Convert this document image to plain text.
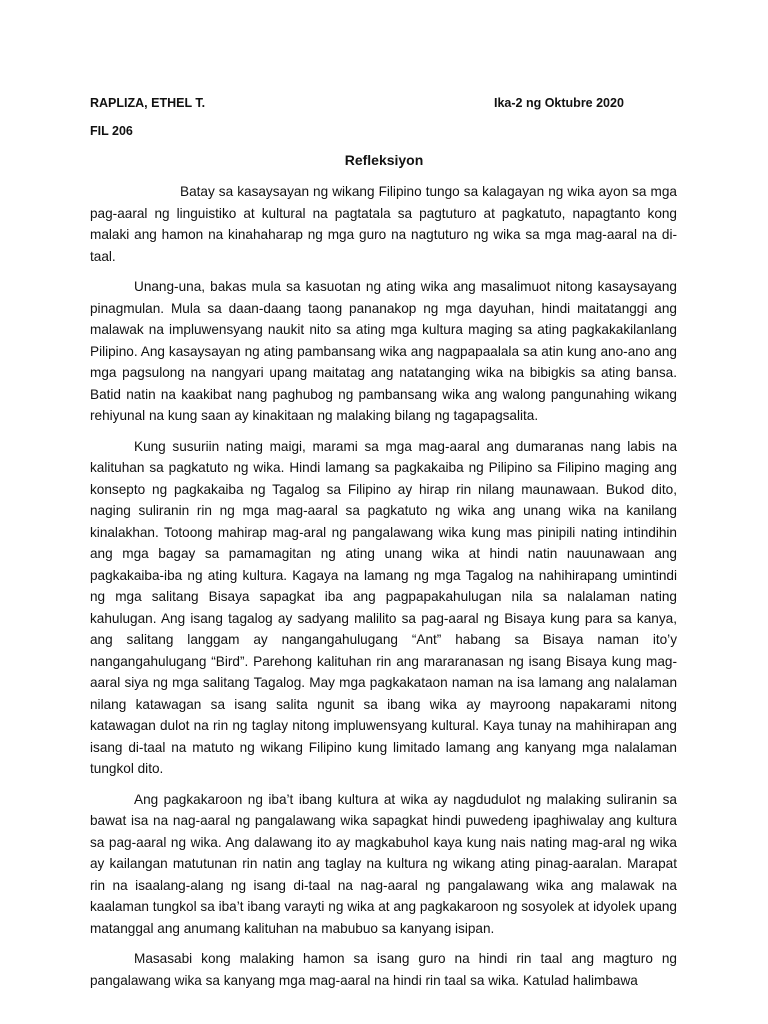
RAPLIZA, ETHEL T.	Ika-2 ng Oktubre 2020
FIL 206
Refleksiyon

Batay sa kasaysayan ng wikang Filipino tungo sa kalagayan ng wika ayon sa mga pag-aaral ng linguistiko at kultural na pagtatala sa pagtuturo at pagkatuto, napagtanto kong malaki ang hamon na kinahaharap ng mga guro na nagtuturo ng wika sa mga mag-aaral na di-taal.

Unang-una, bakas mula sa kasuotan ng ating wika ang masalimuot nitong kasaysayang pinagmulan. Mula sa daan-daang taong pananakop ng mga dayuhan, hindi maitatanggi ang malawak na impluwensyang naukit nito sa ating mga kultura maging sa ating pagkakakilanlang Pilipino. Ang kasaysayan ng ating pambansang wika ang nagpapaalala sa atin kung ano-ano ang mga pagsulong na nangyari upang maitatag ang natatanging wika na bibigkis sa ating bansa. Batid natin na kaakibat nang paghubog ng pambansang wika ang walong pangunahing wikang rehiyunal na kung saan ay kinakitaan ng malaking bilang ng tagapagsalita.

Kung susuriin nating maigi, marami sa mga mag-aaral ang dumaranas nang labis na kalituhan sa pagkatuto ng wika. Hindi lamang sa pagkakaiba ng Pilipino sa Filipino maging ang konsepto ng pagkakaiba ng Tagalog sa Filipino ay hirap rin nilang maunawaan. Bukod dito, naging suliranin rin ng mga mag-aaral sa pagkatuto ng wika ang unang wika na kanilang kinalakhan. Totoong mahirap mag-aral ng pangalawang wika kung mas pinipili nating intindihin ang mga bagay sa pamamagitan ng ating unang wika at hindi natin nauunawaan ang pagkakaiba-iba ng ating kultura. Kagaya na lamang ng mga Tagalog na nahihirapang umintindi ng mga salitang Bisaya sapagkat iba ang pagpapakahulugan nila sa nalalaman nating kahulugan. Ang isang tagalog ay sadyang malilito sa pag-aaral ng Bisaya kung para sa kanya, ang salitang langgam ay nangangahulugang “Ant” habang sa Bisaya naman ito’y nangangahulugang “Bird”. Parehong kalituhan rin ang mararanasan ng isang Bisaya kung mag-aaral siya ng mga salitang Tagalog. May mga pagkakataon naman na isa lamang ang nalalaman nilang katawagan sa isang salita ngunit sa ibang wika ay mayroong napakarami nitong katawagan dulot na rin ng taglay nitong impluwensyang kultural. Kaya tunay na mahihirapan ang isang di-taal na matuto ng wikang Filipino kung limitado lamang ang kanyang mga nalalaman tungkol dito.

Ang pagkakaroon ng iba’t ibang kultura at wika ay nagdudulot ng malaking suliranin sa bawat isa na nag-aaral ng pangalawang wika sapagkat hindi puwedeng ipaghiwalay ang kultura sa pag-aaral ng wika. Ang dalawang ito ay magkabuhol kaya kung nais nating mag-aral ng wika ay kailangan matutunan rin natin ang taglay na kultura ng wikang ating pinag-aaralan. Marapat rin na isaalang-alang ng isang di-taal na nag-aaral ng pangalawang wika ang malawak na kaalaman tungkol sa iba’t ibang varayti ng wika at ang pagkakaroon ng sosyolek at idyolek upang matanggal ang anumang kalituhan na mabubuo sa kanyang isipan.

Masasabi kong malaking hamon sa isang guro na hindi rin taal ang magturo ng pangalawang wika sa kanyang mga mag-aaral na hindi rin taal sa wika. Katulad halimbawa
